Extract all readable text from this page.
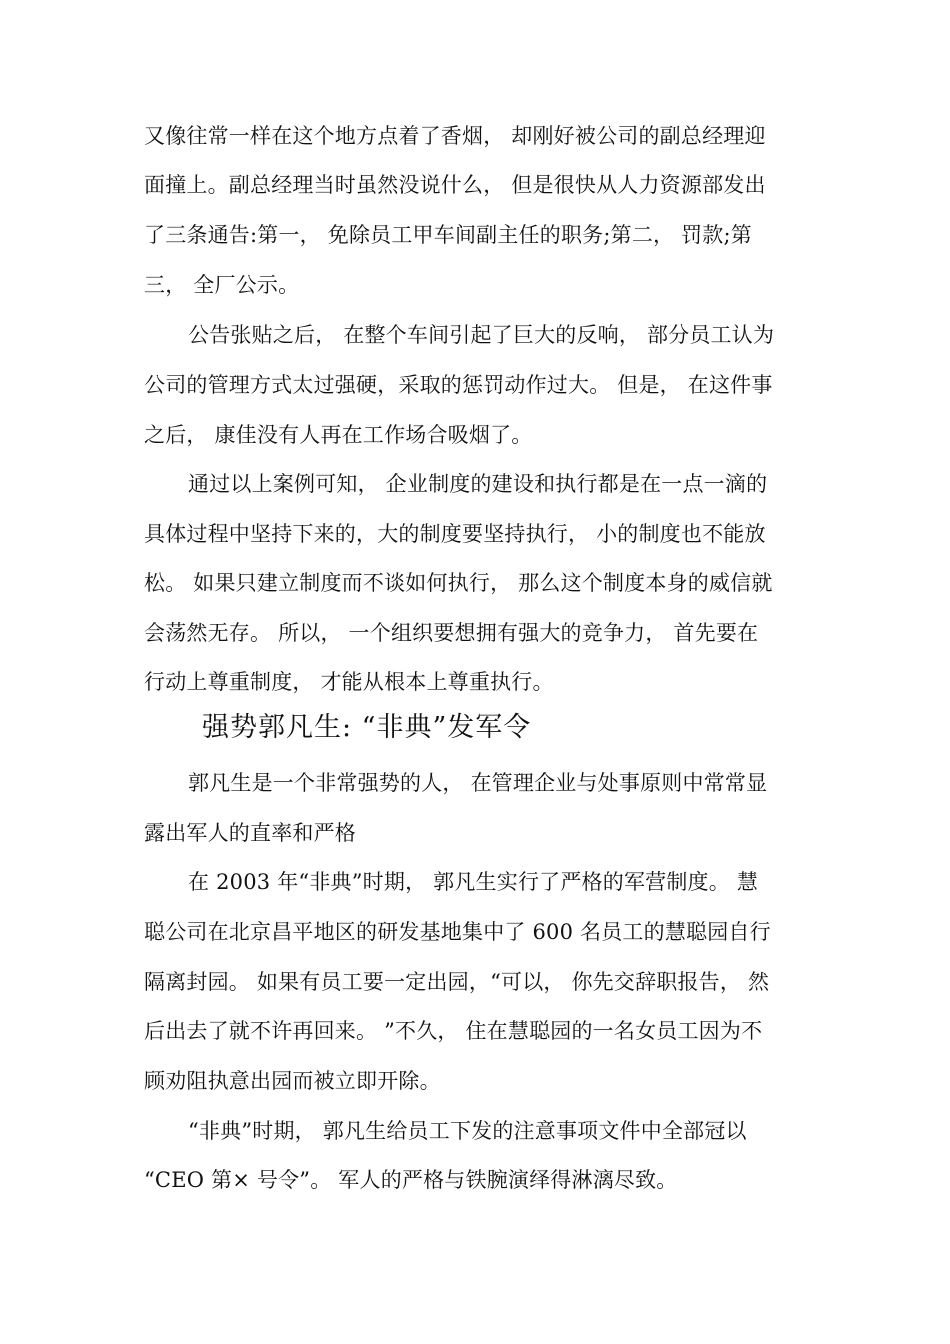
又像往常一样在这个地方点着了香烟， 却刚好被公司的副总经理迎
面撞上。副总经理当时虽然没说什么， 但是很快从人力资源部发出
了三条通告:第一， 免除员工甲车间副主任的职务;第二， 罚款;第
三， 全厂公示。
公告张贴之后， 在整个车间引起了巨大的反响， 部分员工认为
公司的管理方式太过强硬，采取的惩罚动作过大。 但是， 在这件事
之后， 康佳没有人再在工作场合吸烟了。
通过以上案例可知， 企业制度的建设和执行都是在一点一滴的
具体过程中坚持下来的，大的制度要坚持执行， 小的制度也不能放
松。 如果只建立制度而不谈如何执行， 那么这个制度本身的威信就
会荡然无存。 所以， 一个组织要想拥有强大的竞争力， 首先要在
行动上尊重制度， 才能从根本上尊重执行。
强势郭凡生: “非典”发军令
郭凡生是一个非常强势的人， 在管理企业与处事原则中常常显
露出军人的直率和严格
在 2003 年“非典”时期， 郭凡生实行了严格的军营制度。 慧
聪公司在北京昌平地区的研发基地集中了 600 名员工的慧聪园自行
隔离封园。 如果有员工要一定出园，“可以， 你先交辞职报告， 然
后出去了就不许再回来。 ”不久， 住在慧聪园的一名女员工因为不
顾劝阻执意出园而被立即开除。
“非典”时期， 郭凡生给员工下发的注意事项文件中全部冠以
“CEO 第× 号令”。 军人的严格与铁腕演绎得淋漓尽致。
